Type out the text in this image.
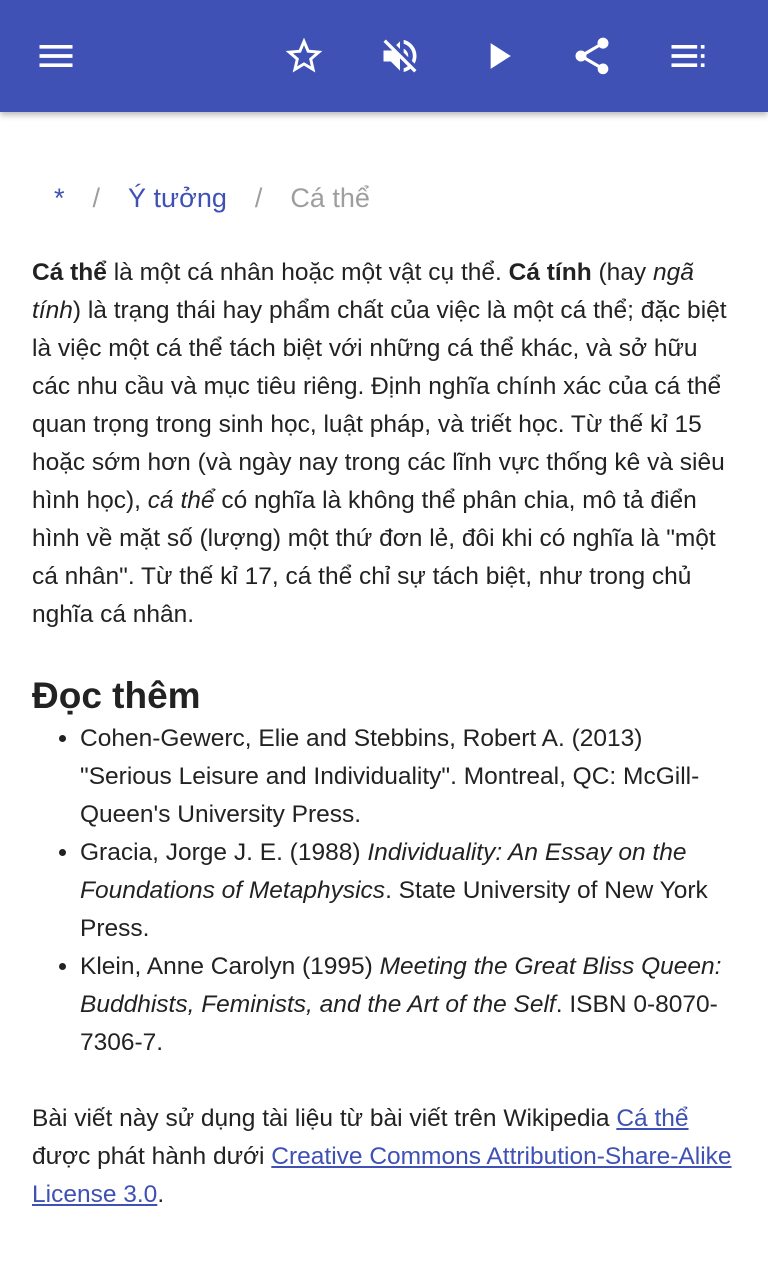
* / Ý tưởng / Cá thể

Cá thể là một cá nhân hoặc một vật cụ thể. Cá tính (hay ngã tính) là trạng thái hay phẩm chất của việc là một cá thể; đặc biệt là việc một cá thể tách biệt với những cá thể khác, và sở hữu các nhu cầu và mục tiêu riêng. Định nghĩa chính xác của cá thể quan trọng trong sinh học, luật pháp, và triết học. Từ thế kỉ 15 hoặc sớm hơn (và ngày nay trong các lĩnh vực thống kê và siêu hình học), cá thể có nghĩa là không thể phân chia, mô tả điển hình về mặt số (lượng) một thứ đơn lẻ, đôi khi có nghĩa là "một cá nhân". Từ thế kỉ 17, cá thể chỉ sự tách biệt, như trong chủ nghĩa cá nhân.

Đọc thêm
• Cohen-Gewerc, Elie and Stebbins, Robert A. (2013) "Serious Leisure and Individuality". Montreal, QC: McGill-Queen's University Press.
• Gracia, Jorge J. E. (1988) Individuality: An Essay on the Foundations of Metaphysics. State University of New York Press.
• Klein, Anne Carolyn (1995) Meeting the Great Bliss Queen: Buddhists, Feminists, and the Art of the Self. ISBN 0-8070-7306-7.

Bài viết này sử dụng tài liệu từ bài viết trên Wikipedia Cá thể được phát hành dưới Creative Commons Attribution-Share-Alike License 3.0.
